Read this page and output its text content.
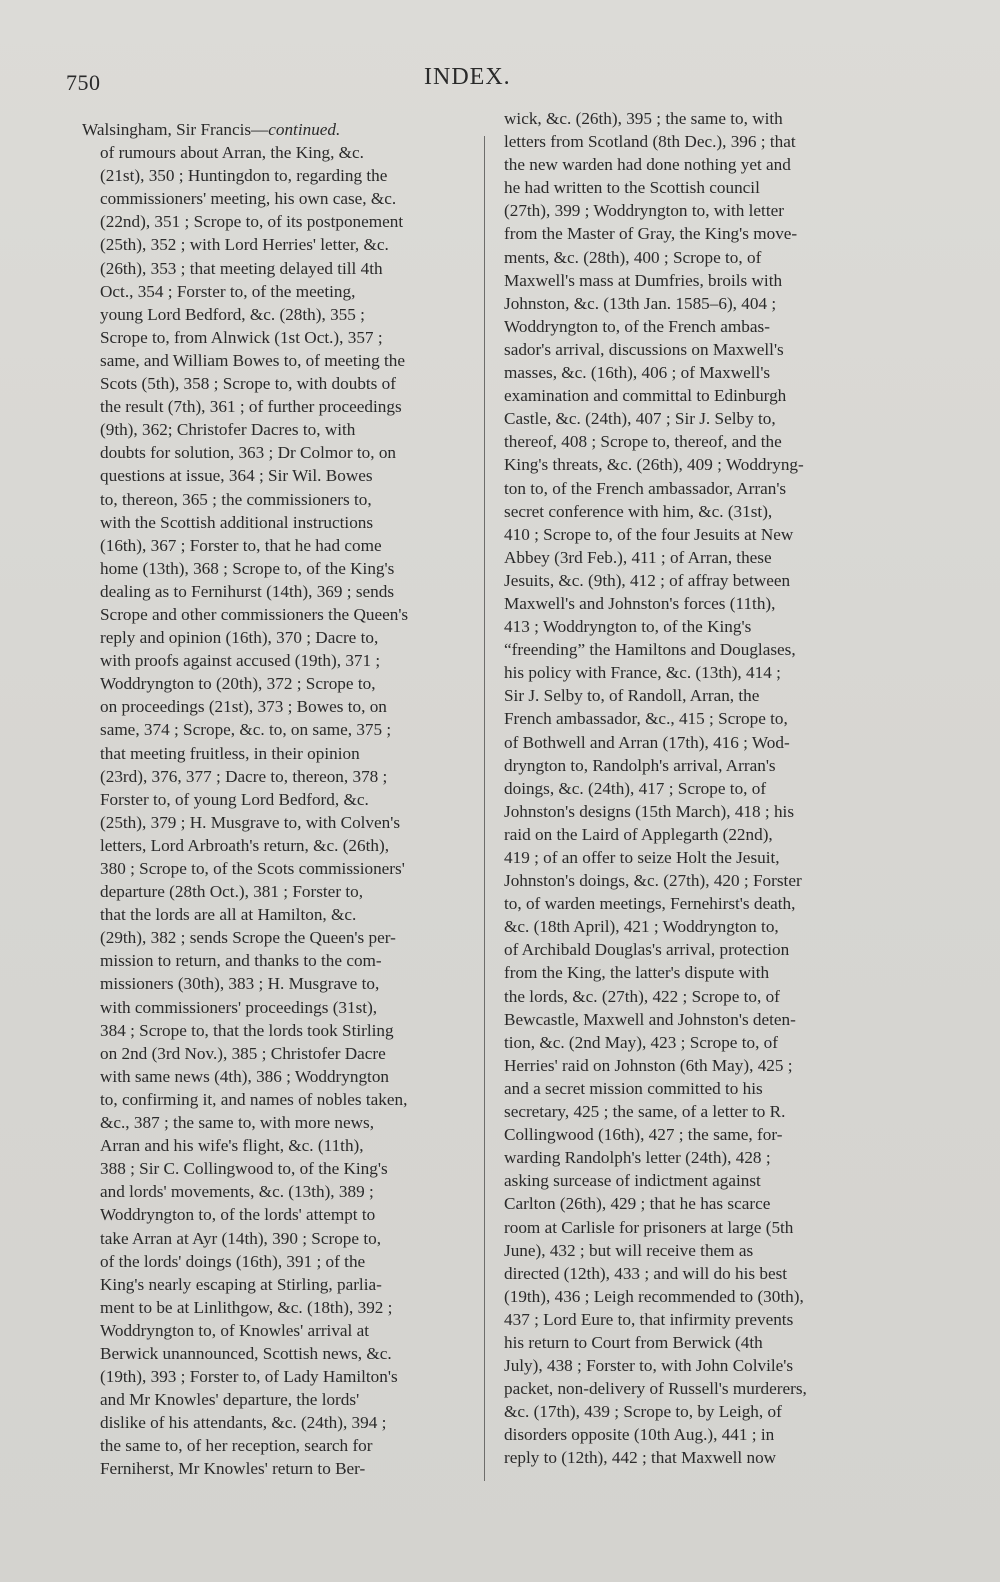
750	INDEX.
Walsingham, Sir Francis—continued.
of rumours about Arran, the King, &c.
(21st), 350 ; Huntingdon to, regarding the
commissioners' meeting, his own case, &c.
(22nd), 351 ; Scrope to, of its postponement
(25th), 352 ; with Lord Herries' letter, &c.
(26th), 353 ; that meeting delayed till 4th
Oct., 354 ; Forster to, of the meeting,
young Lord Bedford, &c. (28th), 355 ;
Scrope to, from Alnwick (1st Oct.), 357 ;
same, and William Bowes to, of meeting the
Scots (5th), 358 ; Scrope to, with doubts of
the result (7th), 361 ; of further proceedings
(9th), 362; Christofer Dacres to, with
doubts for solution, 363 ; Dr Colmor to, on
questions at issue, 364 ; Sir Wil. Bowes
to, thereon, 365 ; the commissioners to,
with the Scottish additional instructions
(16th), 367 ; Forster to, that he had come
home (13th), 368 ; Scrope to, of the King's
dealing as to Fernihurst (14th), 369 ; sends
Scrope and other commissioners the Queen's
reply and opinion (16th), 370 ; Dacre to,
with proofs against accused (19th), 371 ;
Woddryngton to (20th), 372 ; Scrope to,
on proceedings (21st), 373 ; Bowes to, on
same, 374 ; Scrope, &c. to, on same, 375 ;
that meeting fruitless, in their opinion
(23rd), 376, 377 ; Dacre to, thereon, 378 ;
Forster to, of young Lord Bedford, &c.
(25th), 379 ; H. Musgrave to, with Colven's
letters, Lord Arbroath's return, &c. (26th),
380 ; Scrope to, of the Scots commissioners'
departure (28th Oct.), 381 ; Forster to,
that the lords are all at Hamilton, &c.
(29th), 382 ; sends Scrope the Queen's per-
mission to return, and thanks to the com-
missioners (30th), 383 ; H. Musgrave to,
with commissioners' proceedings (31st),
384 ; Scrope to, that the lords took Stirling
on 2nd (3rd Nov.), 385 ; Christofer Dacre
with same news (4th), 386 ; Woddryngton
to, confirming it, and names of nobles taken,
&c., 387 ; the same to, with more news,
Arran and his wife's flight, &c. (11th),
388 ; Sir C. Collingwood to, of the King's
and lords' movements, &c. (13th), 389 ;
Woddryngton to, of the lords' attempt to
take Arran at Ayr (14th), 390 ; Scrope to,
of the lords' doings (16th), 391 ; of the
King's nearly escaping at Stirling, parlia-
ment to be at Linlithgow, &c. (18th), 392 ;
Woddryngton to, of Knowles' arrival at
Berwick unannounced, Scottish news, &c.
(19th), 393 ; Forster to, of Lady Hamilton's
and Mr Knowles' departure, the lords'
dislike of his attendants, &c. (24th), 394 ;
the same to, of her reception, search for
Ferniherst, Mr Knowles' return to Ber-
wick, &c. (26th), 395 ; the same to, with
letters from Scotland (8th Dec.), 396 ; that
the new warden had done nothing yet and
he had written to the Scottish council
(27th), 399 ; Woddryngton to, with letter
from the Master of Gray, the King's move-
ments, &c. (28th), 400 ; Scrope to, of
Maxwell's mass at Dumfries, broils with
Johnston, &c. (13th Jan. 1585–6), 404 ;
Woddryngton to, of the French ambas-
sador's arrival, discussions on Maxwell's
masses, &c. (16th), 406 ; of Maxwell's
examination and committal to Edinburgh
Castle, &c. (24th), 407 ; Sir J. Selby to,
thereof, 408 ; Scrope to, thereof, and the
King's threats, &c. (26th), 409 ; Woddryng-
ton to, of the French ambassador, Arran's
secret conference with him, &c. (31st),
410 ; Scrope to, of the four Jesuits at New
Abbey (3rd Feb.), 411 ; of Arran, these
Jesuits, &c. (9th), 412 ; of affray between
Maxwell's and Johnston's forces (11th),
413 ; Woddryngton to, of the King's
“freending” the Hamiltons and Douglases,
his policy with France, &c. (13th), 414 ;
Sir J. Selby to, of Randoll, Arran, the
French ambassador, &c., 415 ; Scrope to,
of Bothwell and Arran (17th), 416 ; Wod-
dryngton to, Randolph's arrival, Arran's
doings, &c. (24th), 417 ; Scrope to, of
Johnston's designs (15th March), 418 ; his
raid on the Laird of Applegarth (22nd),
419 ; of an offer to seize Holt the Jesuit,
Johnston's doings, &c. (27th), 420 ; Forster
to, of warden meetings, Fernehirst's death,
&c. (18th April), 421 ; Woddryngton to,
of Archibald Douglas's arrival, protection
from the King, the latter's dispute with
the lords, &c. (27th), 422 ; Scrope to, of
Bewcastle, Maxwell and Johnston's deten-
tion, &c. (2nd May), 423 ; Scrope to, of
Herries' raid on Johnston (6th May), 425 ;
and a secret mission committed to his
secretary, 425 ; the same, of a letter to R.
Collingwood (16th), 427 ; the same, for-
warding Randolph's letter (24th), 428 ;
asking surcease of indictment against
Carlton (26th), 429 ; that he has scarce
room at Carlisle for prisoners at large (5th
June), 432 ; but will receive them as
directed (12th), 433 ; and will do his best
(19th), 436 ; Leigh recommended to (30th),
437 ; Lord Eure to, that infirmity prevents
his return to Court from Berwick (4th
July), 438 ; Forster to, with John Colvile's
packet, non-delivery of Russell's murderers,
&c. (17th), 439 ; Scrope to, by Leigh, of
disorders opposite (10th Aug.), 441 ; in
reply to (12th), 442 ; that Maxwell now
